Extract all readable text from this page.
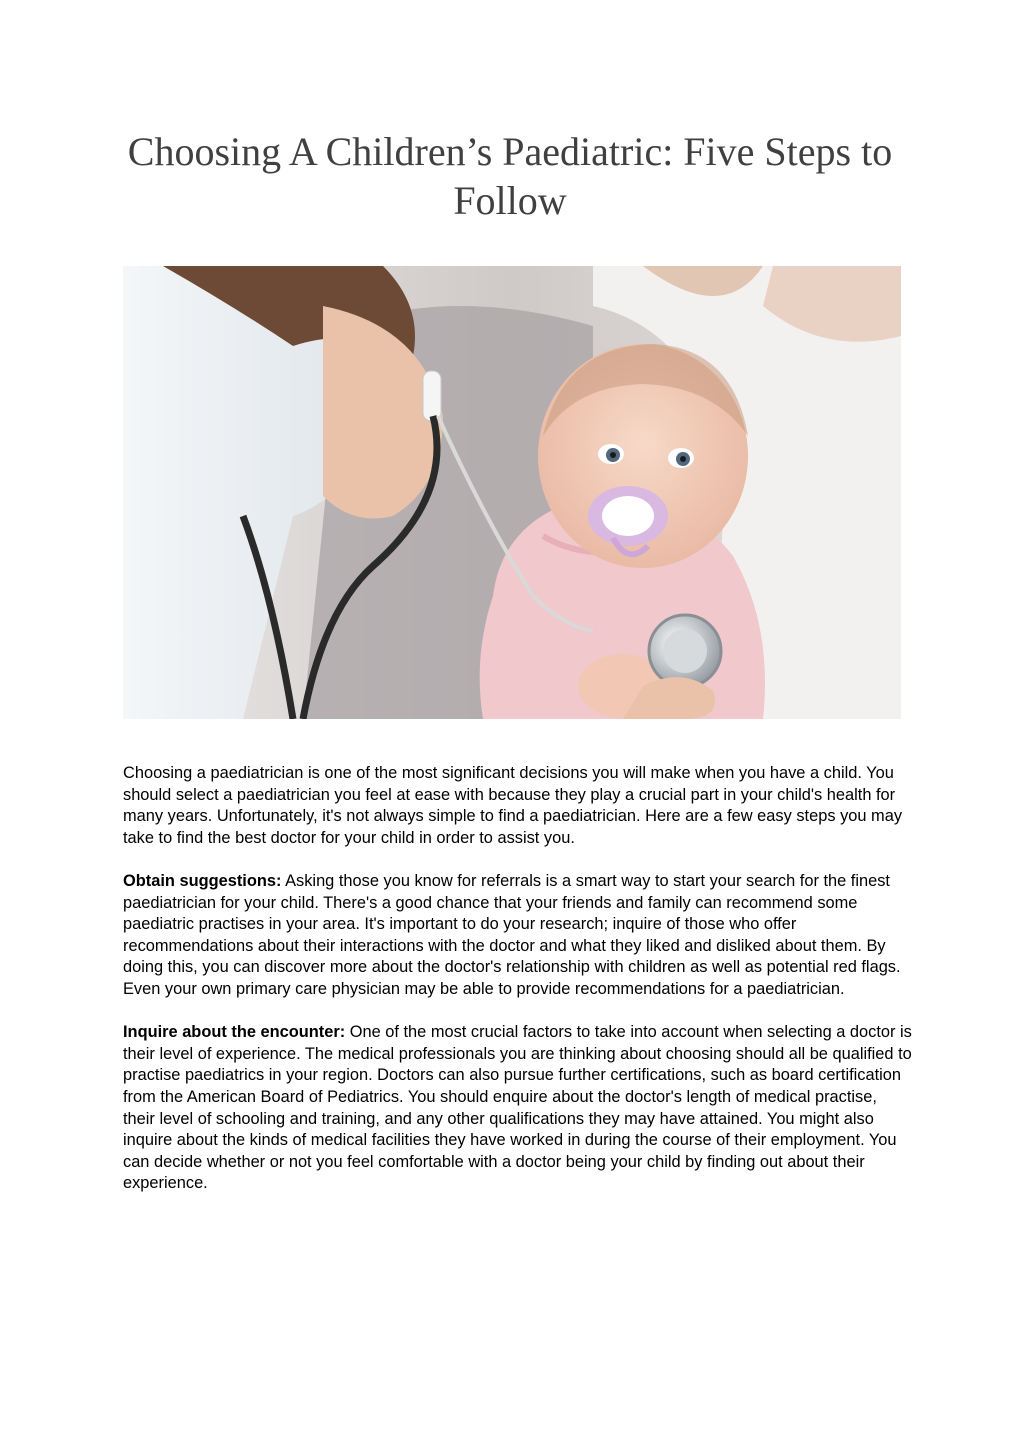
Choosing A Children’s Paediatric: Five Steps to Follow

Choosing a paediatrician is one of the most significant decisions you will make when you have a child. You should select a paediatrician you feel at ease with because they play a crucial part in your child's health for many years. Unfortunately, it's not always simple to find a paediatrician. Here are a few easy steps you may take to find the best doctor for your child in order to assist you.

Obtain suggestions: Asking those you know for referrals is a smart way to start your search for the finest paediatrician for your child. There's a good chance that your friends and family can recommend some paediatric practises in your area. It's important to do your research; inquire of those who offer recommendations about their interactions with the doctor and what they liked and disliked about them. By doing this, you can discover more about the doctor's relationship with children as well as potential red flags. Even your own primary care physician may be able to provide recommendations for a paediatrician.

Inquire about the encounter: One of the most crucial factors to take into account when selecting a doctor is their level of experience. The medical professionals you are thinking about choosing should all be qualified to practise paediatrics in your region. Doctors can also pursue further certifications, such as board certification from the American Board of Pediatrics. You should enquire about the doctor's length of medical practise, their level of schooling and training, and any other qualifications they may have attained. You might also inquire about the kinds of medical facilities they have worked in during the course of their employment. You can decide whether or not you feel comfortable with a doctor being your child by finding out about their experience.
